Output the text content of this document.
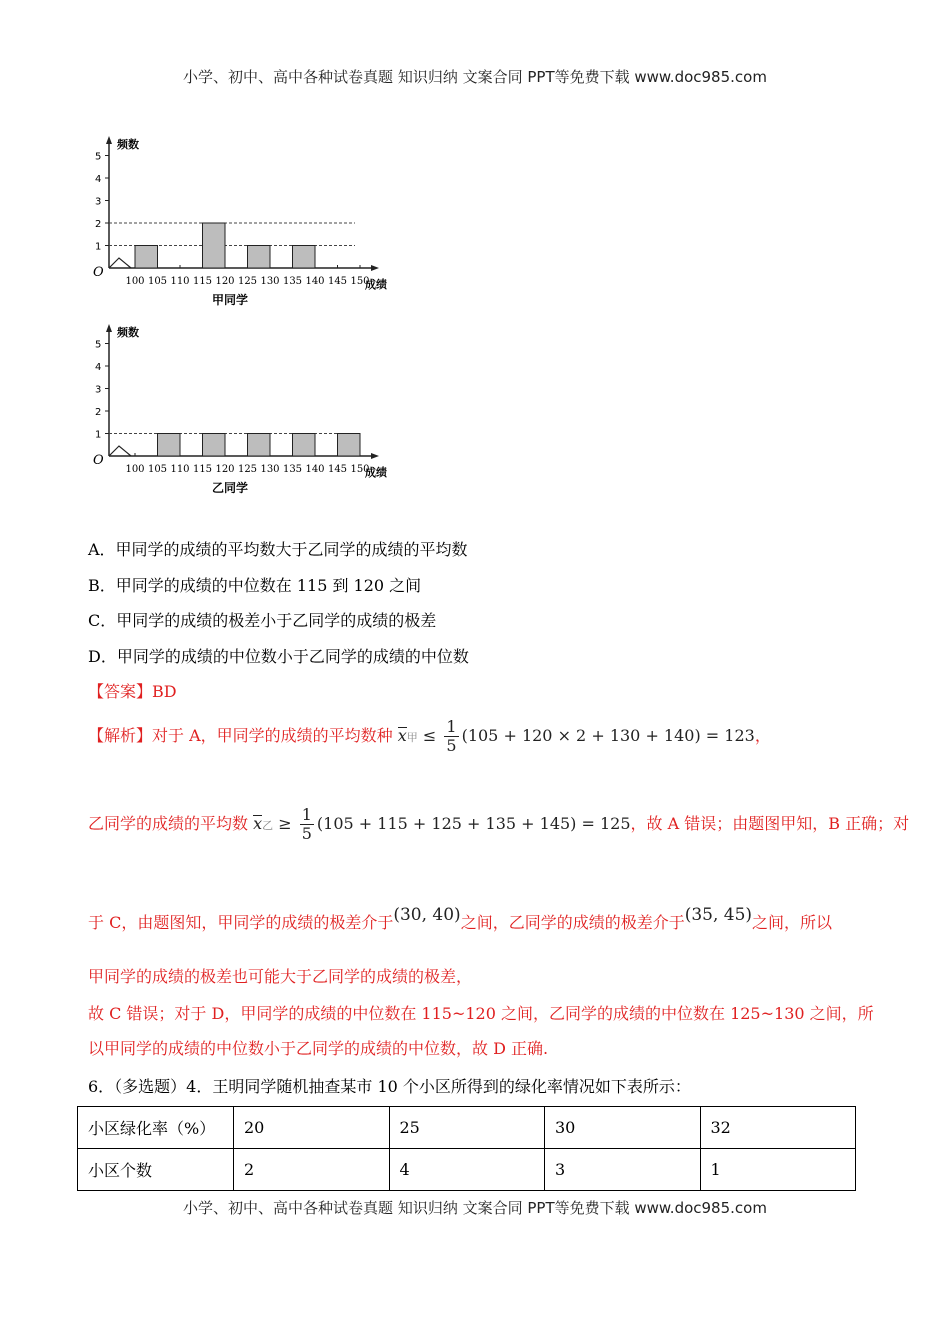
小学、初中、高中各种试卷真题 知识归纳 文案合同 PPT等免费下载 www.doc985.com
频数
O
成绩
1
2
3
4
5
100 105 110 115 120 125 130 135 140 145 150
甲同学
频数
O
成绩
1
2
3
4
5
100 105 110 115 120 125 130 135 140 145 150
乙同学
A．甲同学的成绩的平均数大于乙同学的成绩的平均数
B．甲同学的成绩的中位数在 115 到 120 之间
C．甲同学的成绩的极差小于乙同学的成绩的极差
D．甲同学的成绩的中位数小于乙同学的成绩的中位数
【答案】BD
【解析】对于 A，甲同学的成绩的平均数种 x甲 ≤ $\frac{1}{5} (105 + 120 \times 2 + 130 + 140) = 123$，
乙同学的成绩的平均数 x乙 ≥ $\frac{1}{5} (105 + 115 + 125 + 135 + 145) = 125$，故 A 错误；由题图甲知，B 正确；对
于 C，由题图知，甲同学的成绩的极差介于(30, 40)之间，乙同学的成绩的极差介于(35, 45)之间，所以
甲同学的成绩的极差也可能大于乙同学的成绩的极差，
故 C 错误；对于 D，甲同学的成绩的中位数在 115~120 之间，乙同学的成绩的中位数在 125~130 之间，所
以甲同学的成绩的中位数小于乙同学的成绩的中位数，故 D 正确.
6．（多选题）4．王明同学随机抽查某市 10 个小区所得到的绿化率情况如下表所示：
小区绿化率（%）	20	25	30	32
小区个数	2	4	3	1
小学、初中、高中各种试卷真题 知识归纳 文案合同 PPT等免费下载 www.doc985.com
